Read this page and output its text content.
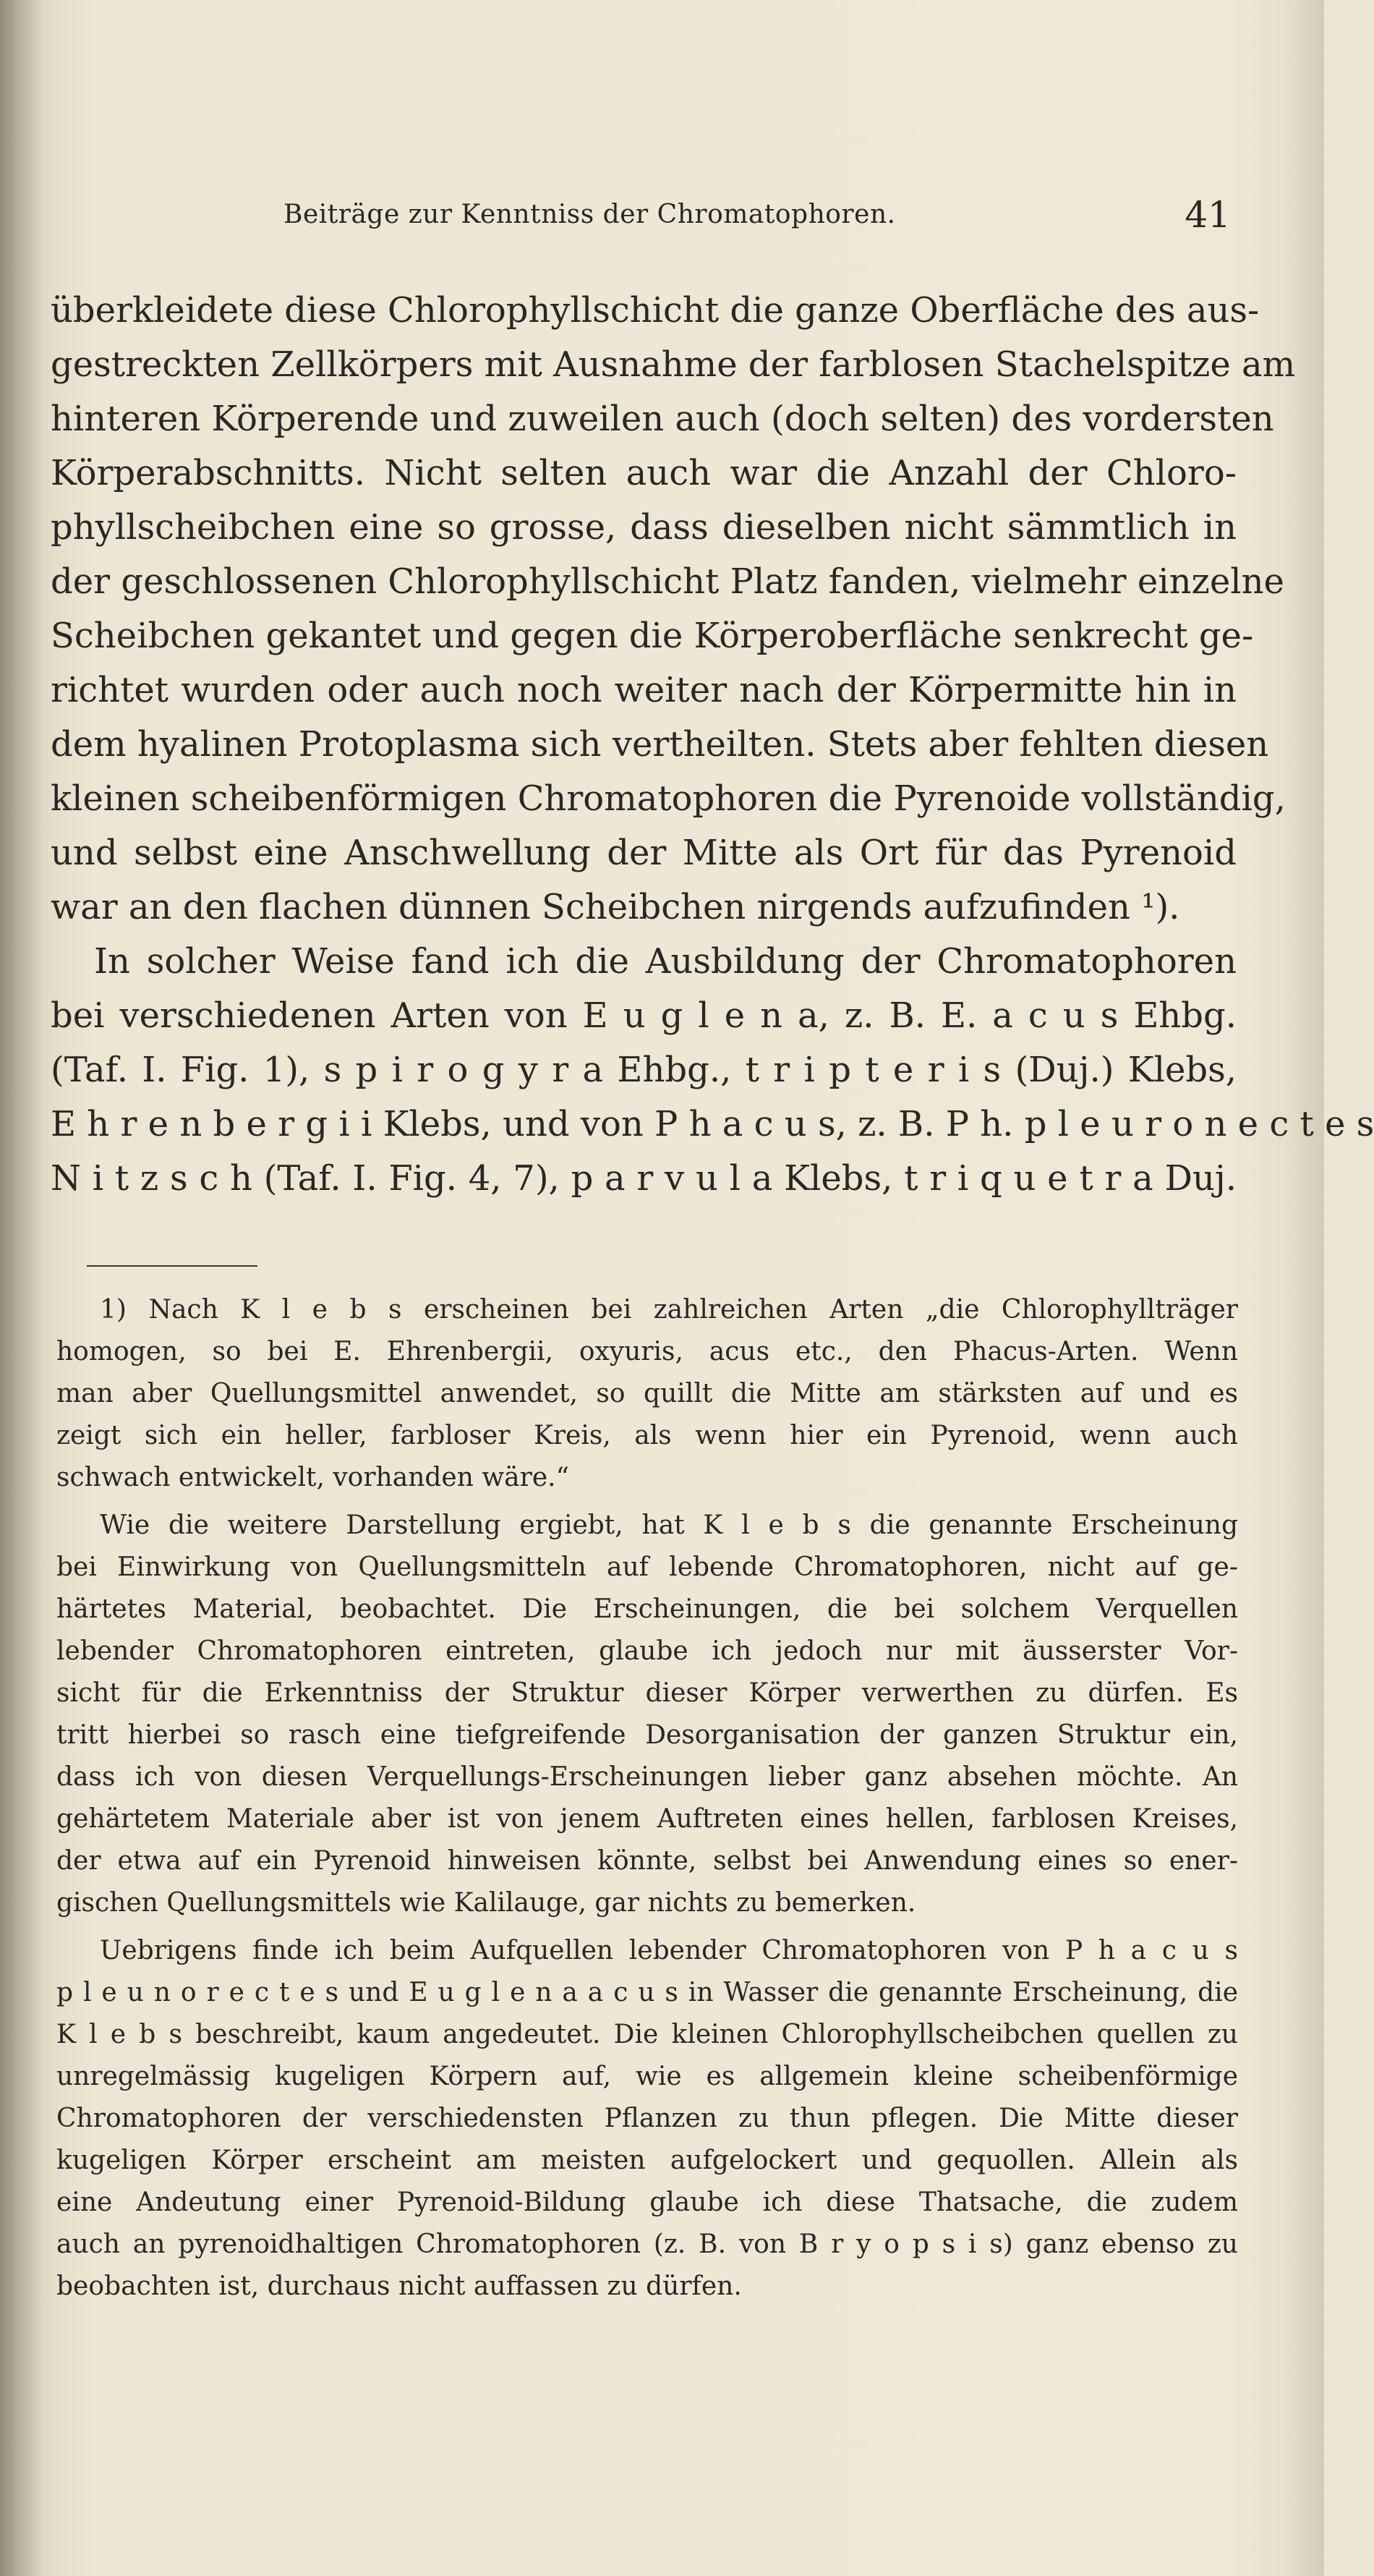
Beiträge zur Kenntniss der Chromatophoren.	41
überkleidete diese Chlorophyllschicht die ganze Oberfläche des aus-
gestreckten Zellkörpers mit Ausnahme der farblosen Stachelspitze am
hinteren Körperende und zuweilen auch (doch selten) des vordersten
Körperabschnitts. Nicht selten auch war die Anzahl der Chloro-
phyllscheibchen eine so grosse, dass dieselben nicht sämmtlich in
der geschlossenen Chlorophyllschicht Platz fanden, vielmehr einzelne
Scheibchen gekantet und gegen die Körperoberfläche senkrecht ge-
richtet wurden oder auch noch weiter nach der Körpermitte hin in
dem hyalinen Protoplasma sich vertheilten. Stets aber fehlten diesen
kleinen scheibenförmigen Chromatophoren die Pyrenoide vollständig,
und selbst eine Anschwellung der Mitte als Ort für das Pyrenoid
war an den flachen dünnen Scheibchen nirgends aufzufinden ¹).
In solcher Weise fand ich die Ausbildung der Chromatophoren
bei verschiedenen Arten von E u g l e n a, z. B. E. a c u s Ehbg.
(Taf. I. Fig. 1), s p i r o g y r a Ehbg., t r i p t e r i s (Duj.) Klebs,
E h r e n b e r g i i Klebs, und von P h a c u s, z. B. P h. p l e u r o n e c t e s
N i t z s c h (Taf. I. Fig. 4, 7), p a r v u l a Klebs, t r i q u e t r a Duj.
1) Nach K l e b s erscheinen bei zahlreichen Arten „die Chlorophyllträger
homogen, so bei E. Ehrenbergii, oxyuris, acus etc., den Phacus-Arten. Wenn
man aber Quellungsmittel anwendet, so quillt die Mitte am stärksten auf und es
zeigt sich ein heller, farbloser Kreis, als wenn hier ein Pyrenoid, wenn auch
schwach entwickelt, vorhanden wäre.“
Wie die weitere Darstellung ergiebt, hat K l e b s die genannte Erscheinung
bei Einwirkung von Quellungsmitteln auf lebende Chromatophoren, nicht auf ge-
härtetes Material, beobachtet. Die Erscheinungen, die bei solchem Verquellen
lebender Chromatophoren eintreten, glaube ich jedoch nur mit äusserster Vor-
sicht für die Erkenntniss der Struktur dieser Körper verwerthen zu dürfen. Es
tritt hierbei so rasch eine tiefgreifende Desorganisation der ganzen Struktur ein,
dass ich von diesen Verquellungs-Erscheinungen lieber ganz absehen möchte. An
gehärtetem Materiale aber ist von jenem Auftreten eines hellen, farblosen Kreises,
der etwa auf ein Pyrenoid hinweisen könnte, selbst bei Anwendung eines so ener-
gischen Quellungsmittels wie Kalilauge, gar nichts zu bemerken.
Uebrigens finde ich beim Aufquellen lebender Chromatophoren von P h a c u s
p l e u n o r e c t e s und E u g l e n a a c u s in Wasser die genannte Erscheinung, die
K l e b s beschreibt, kaum angedeutet. Die kleinen Chlorophyllscheibchen quellen zu
unregelmässig kugeligen Körpern auf, wie es allgemein kleine scheibenförmige
Chromatophoren der verschiedensten Pflanzen zu thun pflegen. Die Mitte dieser
kugeligen Körper erscheint am meisten aufgelockert und gequollen. Allein als
eine Andeutung einer Pyrenoid-Bildung glaube ich diese Thatsache, die zudem
auch an pyrenoidhaltigen Chromatophoren (z. B. von B r y o p s i s) ganz ebenso zu
beobachten ist, durchaus nicht auffassen zu dürfen.
